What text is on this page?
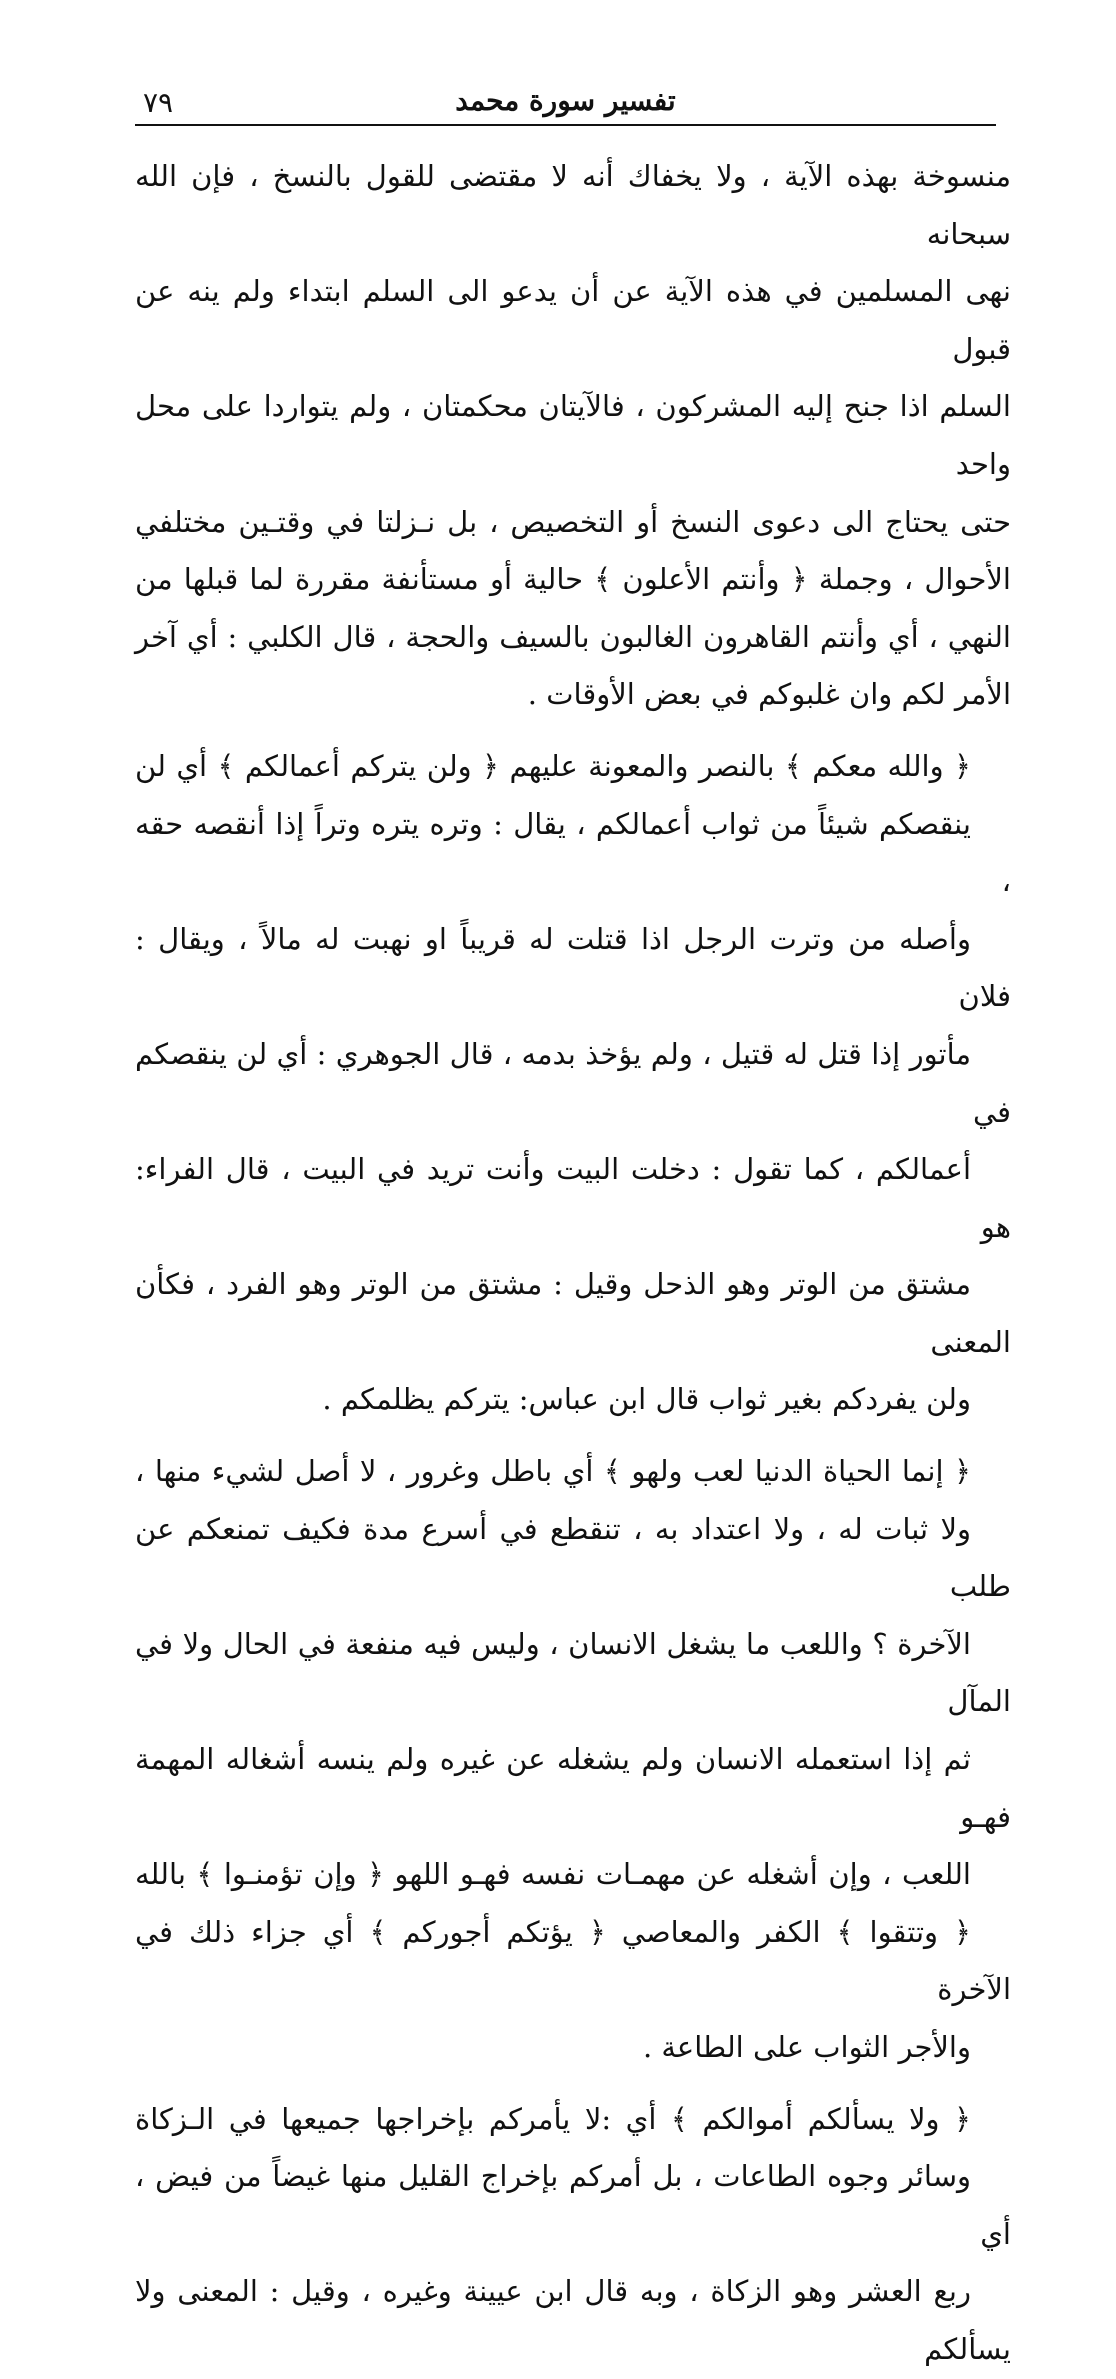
٧٩	تفسير سورة محمد
منسوخة بهذه الآية ، ولا يخفاك أنه لا مقتضى للقول بالنسخ ، فإن الله سبحانه
نهى المسلمين في هذه الآية عن أن يدعو الى السلم ابتداء ولم ينه عن قبول
السلم اذا جنح إليه المشركون ، فالآيتان محكمتان ، ولم يتواردا على محل واحد
حتى يحتاج الى دعوى النسخ أو التخصيص ، بل نـزلتا في وقتـين مختلفي
الأحوال ، وجملة ﴿ وأنتم الأعلون ﴾ حالية أو مستأنفة مقررة لما قبلها من
النهي ، أي وأنتم القاهرون الغالبون بالسيف والحجة ، قال الكلبي : أي آخر
الأمر لكم وان غلبوكم في بعض الأوقات .
﴿ والله معكم ﴾ بالنصر والمعونة عليهم ﴿ ولن يتركم أعمالكم ﴾ أي لن
ينقصكم شيئاً من ثواب أعمالكم ، يقال : وتره يتره وتراً إذا أنقصه حقه ،
وأصله من وترت الرجل اذا قتلت له قريباً او نهبت له مالاً ، ويقال : فلان
مأتور إذا قتل له قتيل ، ولم يؤخذ بدمه ، قال الجوهري : أي لن ينقصكم في
أعمالكم ، كما تقول : دخلت البيت وأنت تريد في البيت ، قال الفراء: هو
مشتق من الوتر وهو الذحل وقيل : مشتق من الوتر وهو الفرد ، فكأن المعنى
ولن يفردكم بغير ثواب قال ابن عباس: يتركم يظلمكم .
﴿ إنما الحياة الدنيا لعب ولهو ﴾ أي باطل وغرور ، لا أصل لشيء منها ،
ولا ثبات له ، ولا اعتداد به ، تنقطع في أسرع مدة فكيف تمنعكم عن طلب
الآخرة ؟ واللعب ما يشغل الانسان ، وليس فيه منفعة في الحال ولا في المآل
ثم إذا استعمله الانسان ولم يشغله عن غيره ولم ينسه أشغاله المهمة فهـو
اللعب ، وإن أشغله عن مهمـات نفسه فهـو اللهو ﴿ وإن تؤمنـوا ﴾ بالله
﴿ وتتقوا ﴾ الكفر والمعاصي ﴿ يؤتكم أجوركم ﴾ أي جزاء ذلك في الآخرة
والأجر الثواب على الطاعة .
﴿ ولا يسألكم أموالكم ﴾ أي :لا يأمركم بإخراجها جميعها في الـزكاة
وسائر وجوه الطاعات ، بل أمركم بإخراج القليل منها غيضاً من فيض ، أي
ربع العشر وهو الزكاة ، وبه قال ابن عيينة وغيره ، وقيل : المعنى ولا يسألكم
